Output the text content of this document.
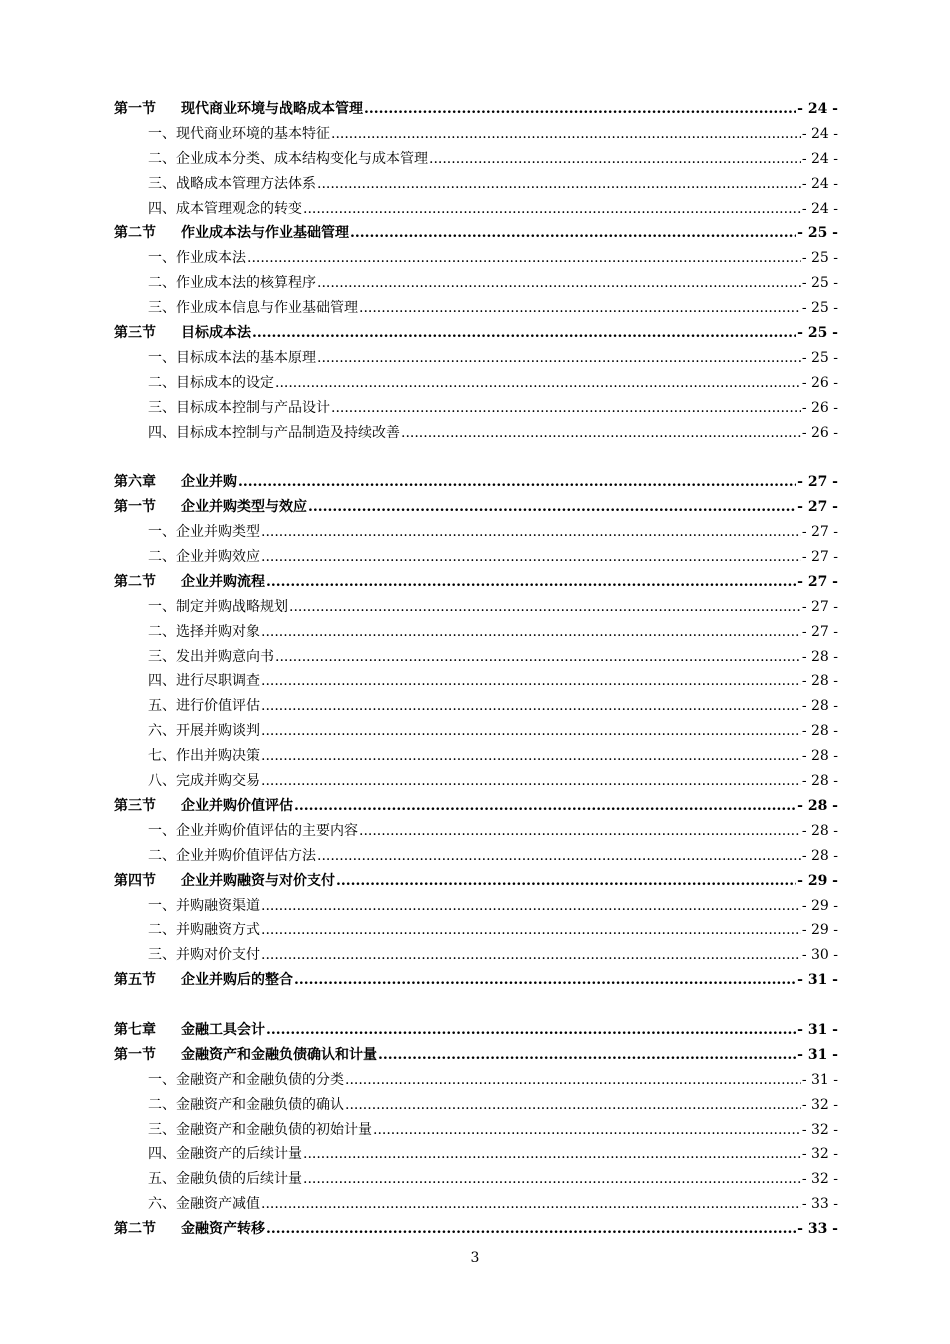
第一节	现代商业环境与战略成本管理 .....	- 24 -
一、 现代商业环境的基本特征 .....	- 24 -
二、 企业成本分类、成本结构变化与成本管理 .....	- 24 -
三、 战略成本管理方法体系 .....	- 24 -
四、 成本管理观念的转变 .....	- 24 -
第二节	作业成本法与作业基础管理 .....	- 25 -
一、 作业成本法 .....	- 25 -
二、 作业成本法的核算程序 .....	- 25 -
三、 作业成本信息与作业基础管理 .....	- 25 -
第三节	目标成本法 .....	- 25 -
一、 目标成本法的基本原理 .....	- 25 -
二、 目标成本的设定 .....	- 26 -
三、 目标成本控制与产品设计 .....	- 26 -
四、 目标成本控制与产品制造及持续改善 .....	- 26 -
第六章	企业并购 .....	- 27 -
第一节	企业并购类型与效应 .....	- 27 -
一、 企业并购类型 .....	- 27 -
二、 企业并购效应 .....	- 27 -
第二节	企业并购流程 .....	- 27 -
一、 制定并购战略规划 .....	- 27 -
二、 选择并购对象 .....	- 27 -
三、 发出并购意向书 .....	- 28 -
四、 进行尽职调查 .....	- 28 -
五、 进行价值评估 .....	- 28 -
六、 开展并购谈判 .....	- 28 -
七、 作出并购决策 .....	- 28 -
八、 完成并购交易 .....	- 28 -
第三节	企业并购价值评估 .....	- 28 -
一、 企业并购价值评估的主要内容 .....	- 28 -
二、 企业并购价值评估方法 .....	- 28 -
第四节	企业并购融资与对价支付 .....	- 29 -
一、 并购融资渠道 .....	- 29 -
二、 并购融资方式 .....	- 29 -
三、 并购对价支付 .....	- 30 -
第五节	企业并购后的整合 .....	- 31 -
第七章	金融工具会计 .....	- 31 -
第一节	金融资产和金融负债确认和计量 .....	- 31 -
一、 金融资产和金融负债的分类 .....	- 31 -
二、 金融资产和金融负债的确认 .....	- 32 -
三、 金融资产和金融负债的初始计量 .....	- 32 -
四、 金融资产的后续计量 .....	- 32 -
五、 金融负债的后续计量 .....	- 32 -
六、 金融资产减值 .....	- 33 -
第二节	金融资产转移 .....	- 33 -
3
